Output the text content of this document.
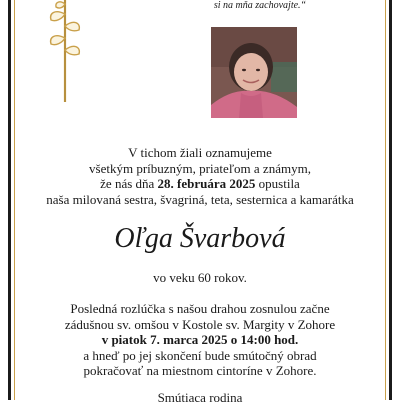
si na mňa zachovajte.“
V tichom žiali oznamujeme
všetkým príbuzným, priateľom a známym,
že nás dňa 28. februára 2025 opustila
naša milovaná sestra, švagriná, teta, sesternica a kamarátka
Oľga Švarbová
vo veku 60 rokov.
Posledná rozlúčka s našou drahou zosnulou začne
zádušnou sv. omšou v Kostole sv. Margity v Zohore
v piatok 7. marca 2025 o 14:00 hod.
a hneď po jej skončení bude smútočný obrad
pokračovať na miestnom cintoríne v Zohore.
Smútiaca rodina
